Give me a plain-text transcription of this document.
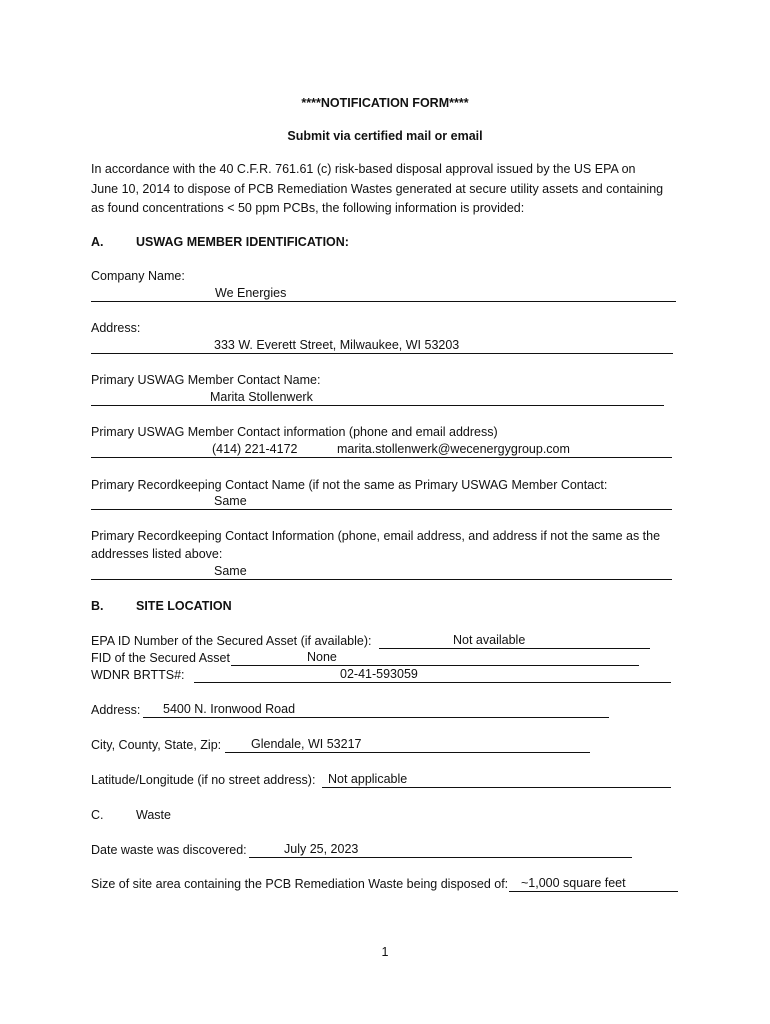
****NOTIFICATION FORM****
Submit via certified mail or email
In accordance with the 40 C.F.R. 761.61 (c) risk-based disposal approval issued by the US EPA on June 10, 2014 to dispose of PCB Remediation Wastes generated at secure utility assets and containing as found concentrations < 50 ppm PCBs, the following information is provided:
A.	USWAG MEMBER IDENTIFICATION:
Company Name:
We Energies
Address:
333 W. Everett Street, Milwaukee, WI 53203
Primary USWAG Member Contact Name:
Marita Stollenwerk
Primary USWAG Member Contact information (phone and email address)
(414) 221-4172	marita.stollenwerk@wecenergygroup.com
Primary Recordkeeping Contact Name (if not the same as Primary USWAG Member Contact:
Same
Primary Recordkeeping Contact Information (phone, email address, and address if not the same as the
addresses listed above:
Same
B.	SITE LOCATION
EPA ID Number of the Secured Asset (if available):	Not available
FID of the Secured Asset	None
WDNR BRTTS#:	02-41-593059
Address: 5400 N. Ironwood Road
City, County, State, Zip: Glendale, WI 53217
Latitude/Longitude (if no street address): Not applicable
C.	Waste
Date waste was discovered:	July 25, 2023
Size of site area containing the PCB Remediation Waste being disposed of: ~1,000 square feet
1
